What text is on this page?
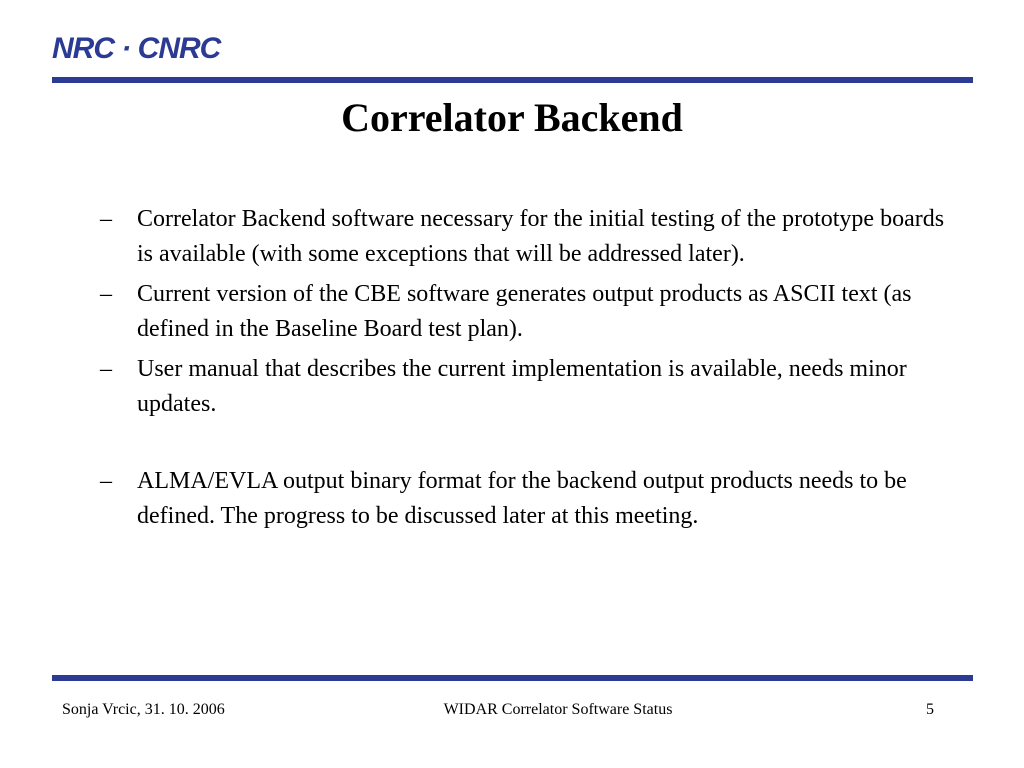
NRC · CNRC
Correlator Backend
– Correlator Backend software necessary for the initial testing of the prototype boards is available (with some exceptions that will be addressed later).
– Current version of the CBE software generates output products as ASCII text (as defined in the Baseline Board test plan).
– User manual that describes the current implementation is available, needs minor updates.
– ALMA/EVLA output binary format for the backend output products needs to be defined. The progress to be discussed later at this meeting.
Sonja Vrcic, 31. 10. 2006	WIDAR Correlator Software Status	5
